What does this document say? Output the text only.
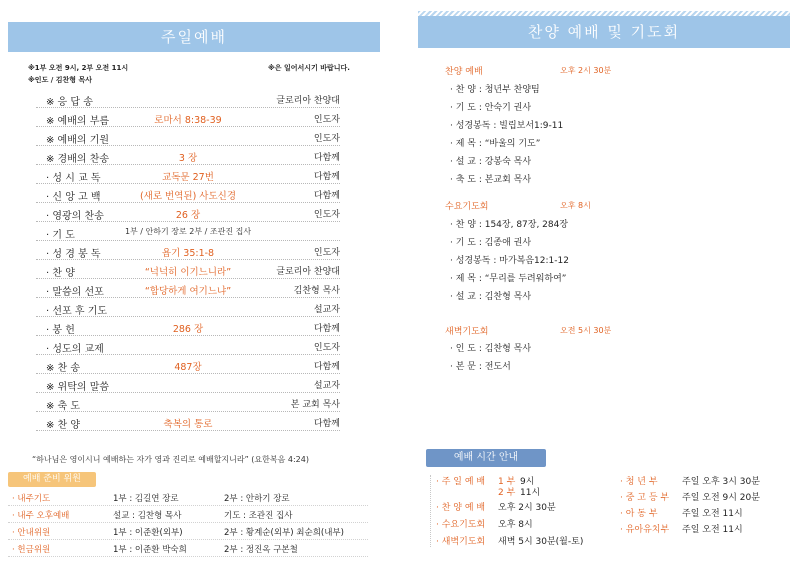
주일예배
※1부 오전 9시, 2부 오전 11시	※은 일어서시기 바랍니다.
※인도 / 김찬형 목사
※ 응 답 송	글로리아 찬양대
※ 예배의 부름	로마서 8:38-39	인도자
※ 예배의 기원	인도자
※ 경배의 찬송	3 장	다함께
· 성 시 교 독	교독문 27번	다함께
· 신 앙 고 백	(새로 번역된) 사도신경	다함께
· 영광의 찬송	26 장	인도자
· 기 도	1부 / 안하기 장로 2부 / 조관진 집사
· 성 경 봉 독	욥기 35:1-8	인도자
· 찬 양	“넉넉히 이기느니라”	글로리아 찬양대
· 말씀의 선포	“합당하게 여기느냐”	김찬형 목사
· 선포 후 기도	설교자
· 봉 헌	286 장	다함께
· 성도의 교제	인도자
※ 찬 송	487장	다함께
※ 위탁의 말씀	설교자
※ 축 도	본 교회 목사
※ 찬 양	축복의 통로	다함께
“하나님은 영이시니 예배하는 자가 영과 진리로 예배할지니라” (요한복음 4:24)
예배 준비 위원
· 내주기도	1부 : 김길연 장로	2부 : 안하기 장로
· 내주 오후예배	설교 : 김찬형 목사	기도 : 조관진 집사
· 안내위원	1부 : 이준환(외부)	2부 : 황계순(외부) 최순희(내부)
· 헌금위원	1부 : 이준환 박숙희	2부 : 정진옥 구본철
찬양 예배 및 기도회
찬양 예배	오후 2시 30분
· 찬 양 : 청년부 찬양팀
· 기 도 : 안숙기 권사
· 성경봉독 : 빌립보서1:9-11
· 제 목 : “바울의 기도”
· 설 교 : 강봉숙 목사
· 축 도 : 본교회 목사
수요기도회	오후 8시
· 찬 양 : 154장, 87장, 284장
· 기 도 : 김종애 권사
· 성경봉독 : 마가복음12:1-12
· 제 목 : “무리를 두려워하여”
· 설 교 : 김찬형 목사
새벽기도회	오전 5시 30분
· 인 도 : 김찬형 목사
· 본 문 : 전도서
예배 시간 안내
· 주 일 예 배 1 부 9시
2 부 11시
· 찬 양 예 배 오후 2시 30분
· 수요기도회 오후 8시
· 새벽기도회 새벽 5시 30분(월-토)
· 청 년 부	주일 오후 3시 30분
· 중 고 등 부 주일 오전 9시 20분
· 아 동 부	주일 오전 11시
· 유아유치부 주일 오전 11시
